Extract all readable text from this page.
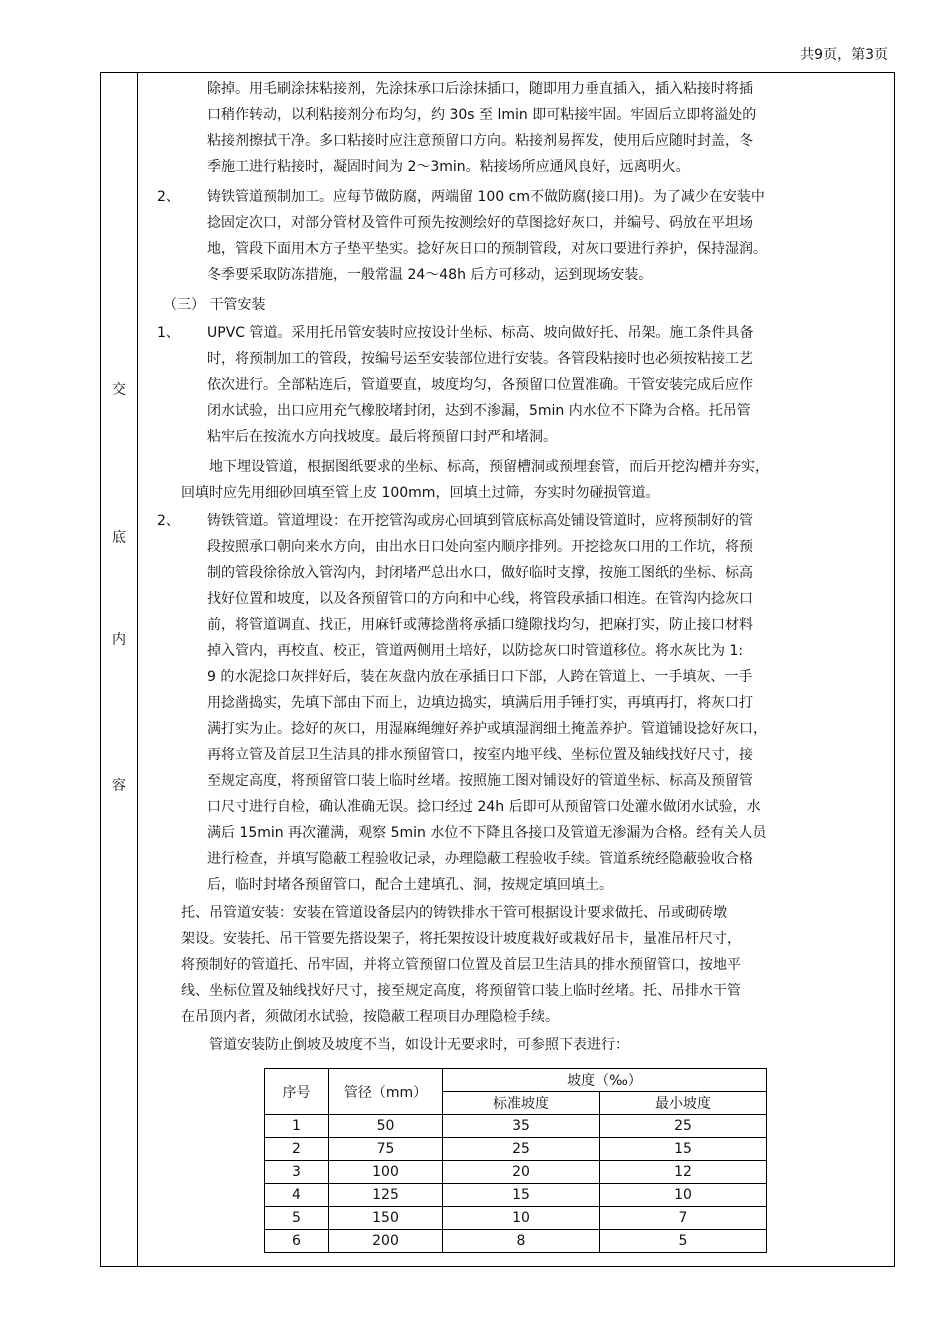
共9页，第3页
交
底
内
容
除掉。用毛刷涂抹粘接剂，先涂抹承口后涂抹插口，随即用力垂直插入，插入粘接时将插
口稍作转动，以利粘接剂分布均匀，约 30s 至 lmin 即可粘接牢固。牢固后立即将溢处的
粘接剂擦拭干净。多口粘接时应注意预留口方向。粘接剂易挥发，使用后应随时封盖，冬
季施工进行粘接时，凝固时间为 2～3min。粘接场所应通风良好，远离明火。
2、 铸铁管道预制加工。应每节做防腐，两端留 100 cm不做防腐(接口用)。为了减少在安装中
捻固定次口，对部分管材及管件可预先按测绘好的草图捻好灰口，并编号、码放在平坦场
地，管段下面用木方子垫平垫实。捻好灰日口的预制管段，对灰口要进行养护，保持湿润。
冬季要采取防冻措施，一般常温 24～48h 后方可移动，运到现场安装。
（三） 干管安装
1、 UPVC 管道。采用托吊管安装时应按设计坐标、标高、坡向做好托、吊架。施工条件具备
时，将预制加工的管段，按编号运至安装部位进行安装。各管段粘接时也必须按粘接工艺
依次进行。全部粘连后，管道要直，坡度均匀，各预留口位置准确。干管安装完成后应作
闭水试验，出口应用充气橡胶堵封闭，达到不渗漏，5min 内水位不下降为合格。托吊管
粘牢后在按流水方向找坡度。最后将预留口封严和堵洞。
地下埋设管道，根据图纸要求的坐标、标高，预留槽洞或预埋套管，而后开挖沟槽并夯实，
回填时应先用细砂回填至管上皮 100mm，回填土过筛，夯实时勿碰损管道。
2、 铸铁管道。管道埋设：在开挖管沟或房心回填到管底标高处铺设管道时，应将预制好的管
段按照承口朝向来水方向，由出水日口处向室内顺序排列。开挖捻灰口用的工作坑，将预
制的管段徐徐放入管沟内，封闭堵严总出水口，做好临时支撑，按施工图纸的坐标、标高
找好位置和坡度，以及各预留管口的方向和中心线，将管段承插口相连。在管沟内捻灰口
前，将管道调直、找正，用麻钎或薄捻凿将承插口缝隙找均匀，把麻打实，防止接口材料
掉入管内，再校直、校正，管道两侧用土培好，以防捻灰口时管道移位。将水灰比为 1:
9 的水泥捻口灰拌好后，装在灰盘内放在承插日口下部，人跨在管道上、一手填灰、一手
用捻凿捣实，先填下部由下而上，边填边捣实，填满后用手锤打实，再填再打，将灰口打
满打实为止。捻好的灰口，用湿麻绳缠好养护或填湿润细土掩盖养护。管道铺设捻好灰口，
再将立管及首层卫生洁具的排水预留管口，按室内地平线、坐标位置及轴线找好尺寸，接
至规定高度，将预留管口装上临时丝堵。按照施工图对铺设好的管道坐标、标高及预留管
口尺寸进行自检，确认准确无误。捻口经过 24h 后即可从预留管口处灌水做闭水试验，水
满后 15min 再次灌满，观察 5min 水位不下降且各接口及管道无渗漏为合格。经有关人员
进行检查，并填写隐蔽工程验收记录，办理隐蔽工程验收手续。管道系统经隐蔽验收合格
后，临时封堵各预留管口，配合土建填孔、洞，按规定填回填土。
托、吊管道安装：安装在管道设备层内的铸铁排水干管可根据设计要求做托、吊或砌砖墩
架设。安装托、吊干管要先搭设架子，将托架按设计坡度栽好或栽好吊卡，量准吊杆尺寸，
将预制好的管道托、吊牢固，并将立管预留口位置及首层卫生洁具的排水预留管口，按地平
线、坐标位置及轴线找好尺寸，接至规定高度，将预留管口装上临时丝堵。托、吊排水干管
在吊顶内者，须做闭水试验，按隐蔽工程项目办理隐检手续。
管道安装防止倒坡及坡度不当，如设计无要求时，可参照下表进行：
序号	管径（mm）	坡度（‰）	
		标准坡度	最小坡度
1	50	35	25
2	75	25	15
3	100	20	12
4	125	15	10
5	150	10	7
6	200	8	5
